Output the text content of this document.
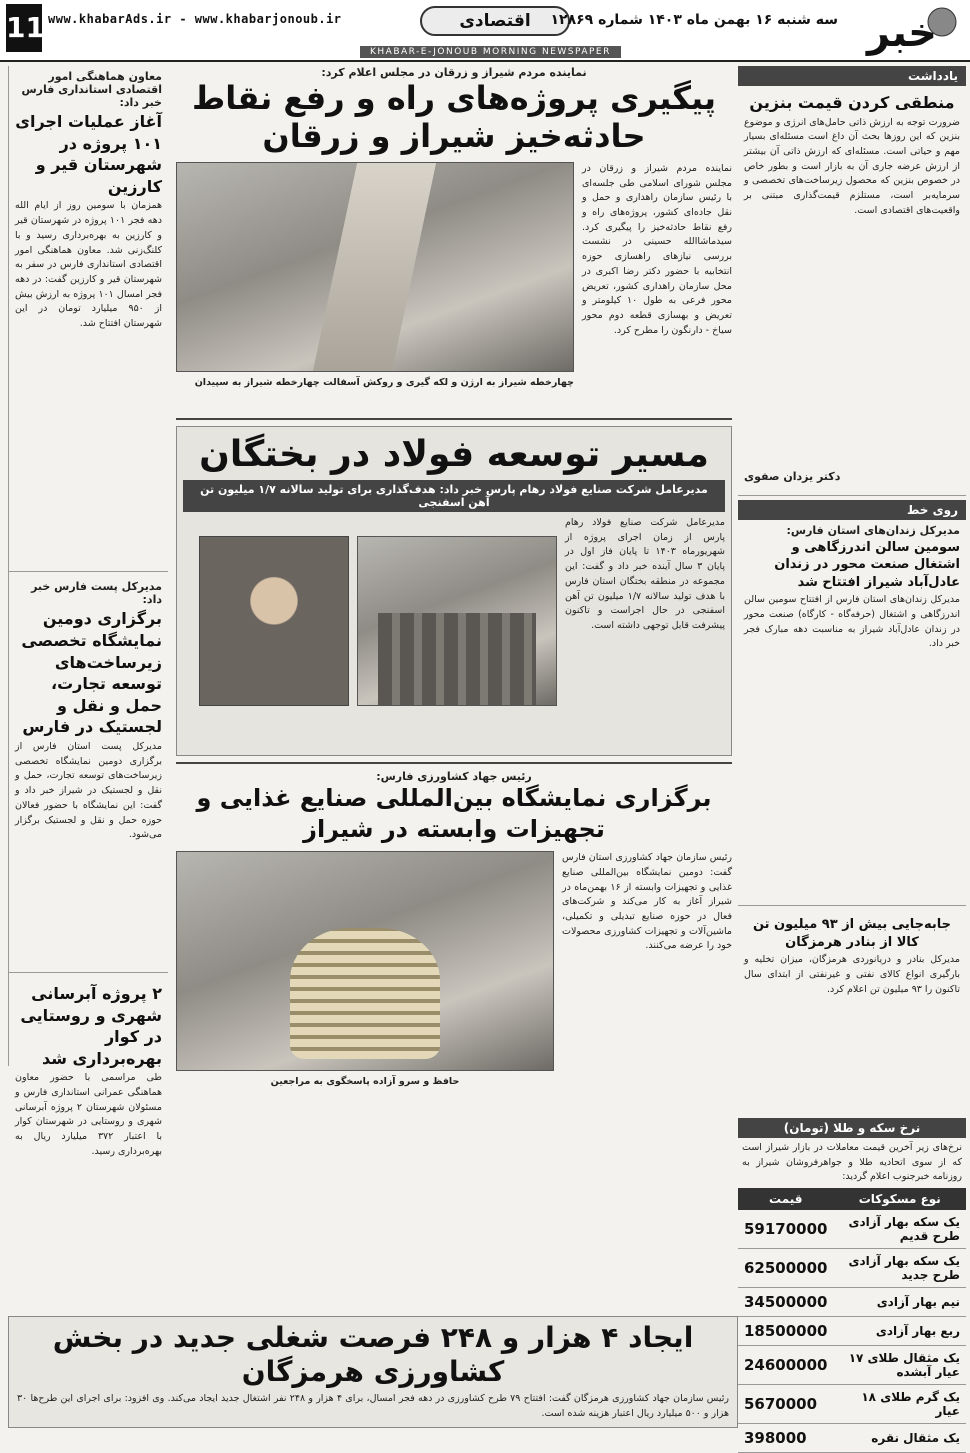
11 www.khabarAds.ir - www.khabarjonoub.ir	اقتصادی	سه شنبه ۱۶ بهمن ماه ۱۴۰۳ شماره ۱۲۸۶۹
KHABAR-E-JONOUB MORNING NEWSPAPER	خبر
یادداشت
منطقی کردن قیمت بنزین
ضرورت توجه به ارزش ذاتی حامل‌های انرژی و موضوع بنزین که این روزها بحث آن داغ است مسئله‌ای بسیار مهم و حیاتی است. مسئله‌ای که ارزش ذاتی آن بیشتر از ارزش عرضه جاری آن به بازار است و بطور خاص در خصوص بنزین که محصول زیرساخت‌های تخصصی و سرمایه‌بر است، مستلزم قیمت‌گذاری مبتنی بر واقعیت‌های اقتصادی است.
دکتر یزدان صفوی
روی خط
مدیرکل زندان‌های استان فارس:
سومین سالن اندرزگاهی و اشتغال صنعت محور در زندان عادل‌آباد شیراز افتتاح شد
مدیرکل زندان‌های استان فارس از افتتاح سومین سالن اندرزگاهی و اشتغال (حرفه‌گاه - کارگاه) صنعت محور در زندان عادل‌آباد شیراز به مناسبت دهه مبارک فجر خبر داد.
جابه‌جایی بیش از ۹۳ میلیون تن کالا از بنادر هرمزگان
مدیرکل بنادر و دریانوردی هرمزگان، میزان تخلیه و بارگیری انواع کالای نفتی و غیرنفتی از ابتدای سال تاکنون را ۹۳ میلیون تن اعلام کرد.
نرخ سکه و طلا (تومان)
نرخ‌های زیر آخرین قیمت معاملات در بازار شیراز است که از سوی اتحادیه طلا و جواهرفروشان شیراز به روزنامه خبرجنوب اعلام گردید:
نوع مسکوکات	قیمت
یک سکه بهار آزادی طرح قدیم	59170000
یک سکه بهار آزادی طرح جدید	62500000
نیم بهار آزادی	34500000
ربع بهار آزادی	18500000
یک مثقال طلای ۱۷ عیار آبشده	24600000
یک گرم طلای ۱۸ عیار	5670000
یک مثقال نقره	398000
نماینده مردم شیراز و زرقان در مجلس اعلام کرد:
پیگیری پروژه‌های راه و رفع نقاط حادثه‌خیز شیراز و زرقان
نماینده مردم شیراز و زرقان در مجلس شورای اسلامی طی جلسه‌ای با رئیس سازمان راهداری و حمل و نقل جاده‌ای کشور، پروژه‌های راه و رفع نقاط حادثه‌خیز را پیگیری کرد. سید‌ماشاالله حسینی در نشست بررسی نیازهای راهسازی حوزه انتخابیه با حضور دکتر رضا اکبری در محل سازمان راهداری کشور، تعریض محور فرعی به طول ۱۰ کیلومتر و تعریض و بهسازی قطعه دوم محور سیاخ - دارنگون را مطرح کرد.
چهارخطه شیراز به ارژن و لکه گیری و روکش آسفالت چهارخطه شیراز به سپیدان
مسیر توسعه فولاد در بختگان
مدیرعامل شرکت صنایع فولاد رهام پارس خبر داد: هدف‌گذاری برای تولید سالانه ۱/۷ میلیون تن آهن اسفنجی
مدیرعامل شرکت صنایع فولاد رهام پارس از زمان اجرای پروژه از شهریورماه ۱۴۰۳ تا پایان فاز اول در پایان ۳ سال آینده خبر داد و گفت: این مجموعه در منطقه بختگان استان فارس با هدف تولید سالانه ۱/۷ میلیون تن آهن اسفنجی در حال اجراست و تاکنون پیشرفت قابل توجهی داشته است.
رئیس جهاد کشاورزی فارس:
برگزاری نمایشگاه بین‌المللی صنایع غذایی و تجهیزات وابسته در شیراز
رئیس سازمان جهاد کشاورزی استان فارس گفت: دومین نمایشگاه بین‌المللی صنایع غذایی و تجهیزات وابسته از ۱۶ بهمن‌ماه در شیراز آغاز به کار می‌کند و شرکت‌های فعال در حوزه صنایع تبدیلی و تکمیلی، ماشین‌آلات و تجهیزات کشاورزی محصولات خود را عرضه می‌کنند.
حافظ و سرو آزاده پاسخگوی به مراجعین
معاون هماهنگی امور اقتصادی استانداری فارس خبر داد:
آغاز عملیات اجرای ۱۰۱ پروژه در شهرستان قیر و کارزین
همزمان با سومین روز از ایام الله دهه فجر ۱۰۱ پروژه در شهرستان قیر و کارزین به بهره‌برداری رسید و با کلنگ‌زنی شد. معاون هماهنگی امور اقتصادی استانداری فارس در سفر به شهرستان قیر و کارزین گفت: در دهه فجر امسال ۱۰۱ پروژه به ارزش بیش از ۹۵۰ میلیارد تومان در این شهرستان افتتاح شد.
مدیرکل پست فارس خبر داد:
برگزاری دومین نمایشگاه تخصصی زیرساخت‌های توسعه تجارت، حمل و نقل و لجستیک در فارس
مدیرکل پست استان فارس از برگزاری دومین نمایشگاه تخصصی زیرساخت‌های توسعه تجارت، حمل و نقل و لجستیک در شیراز خبر داد و گفت: این نمایشگاه با حضور فعالان حوزه حمل و نقل و لجستیک برگزار می‌شود.
۲ پروژه آبرسانی شهری و روستایی در کوار بهره‌برداری شد
طی مراسمی با حضور معاون هماهنگی عمرانی استانداری فارس و مسئولان شهرستان ۲ پروژه آبرسانی شهری و روستایی در شهرستان کوار با اعتبار ۳۷۲ میلیارد ریال به بهره‌برداری رسید.
ایجاد ۴ هزار و ۲۴۸ فرصت شغلی جدید در بخش کشاورزی هرمزگان
رئیس سازمان جهاد کشاورزی هرمزگان گفت: افتتاح ۷۹ طرح کشاورزی در دهه فجر امسال، برای ۴ هزار و ۲۴۸ نفر اشتغال جدید ایجاد می‌کند. وی افزود: برای اجرای این طرح‌ها ۳۰ هزار و ۵۰۰ میلیارد ریال اعتبار هزینه شده است.
